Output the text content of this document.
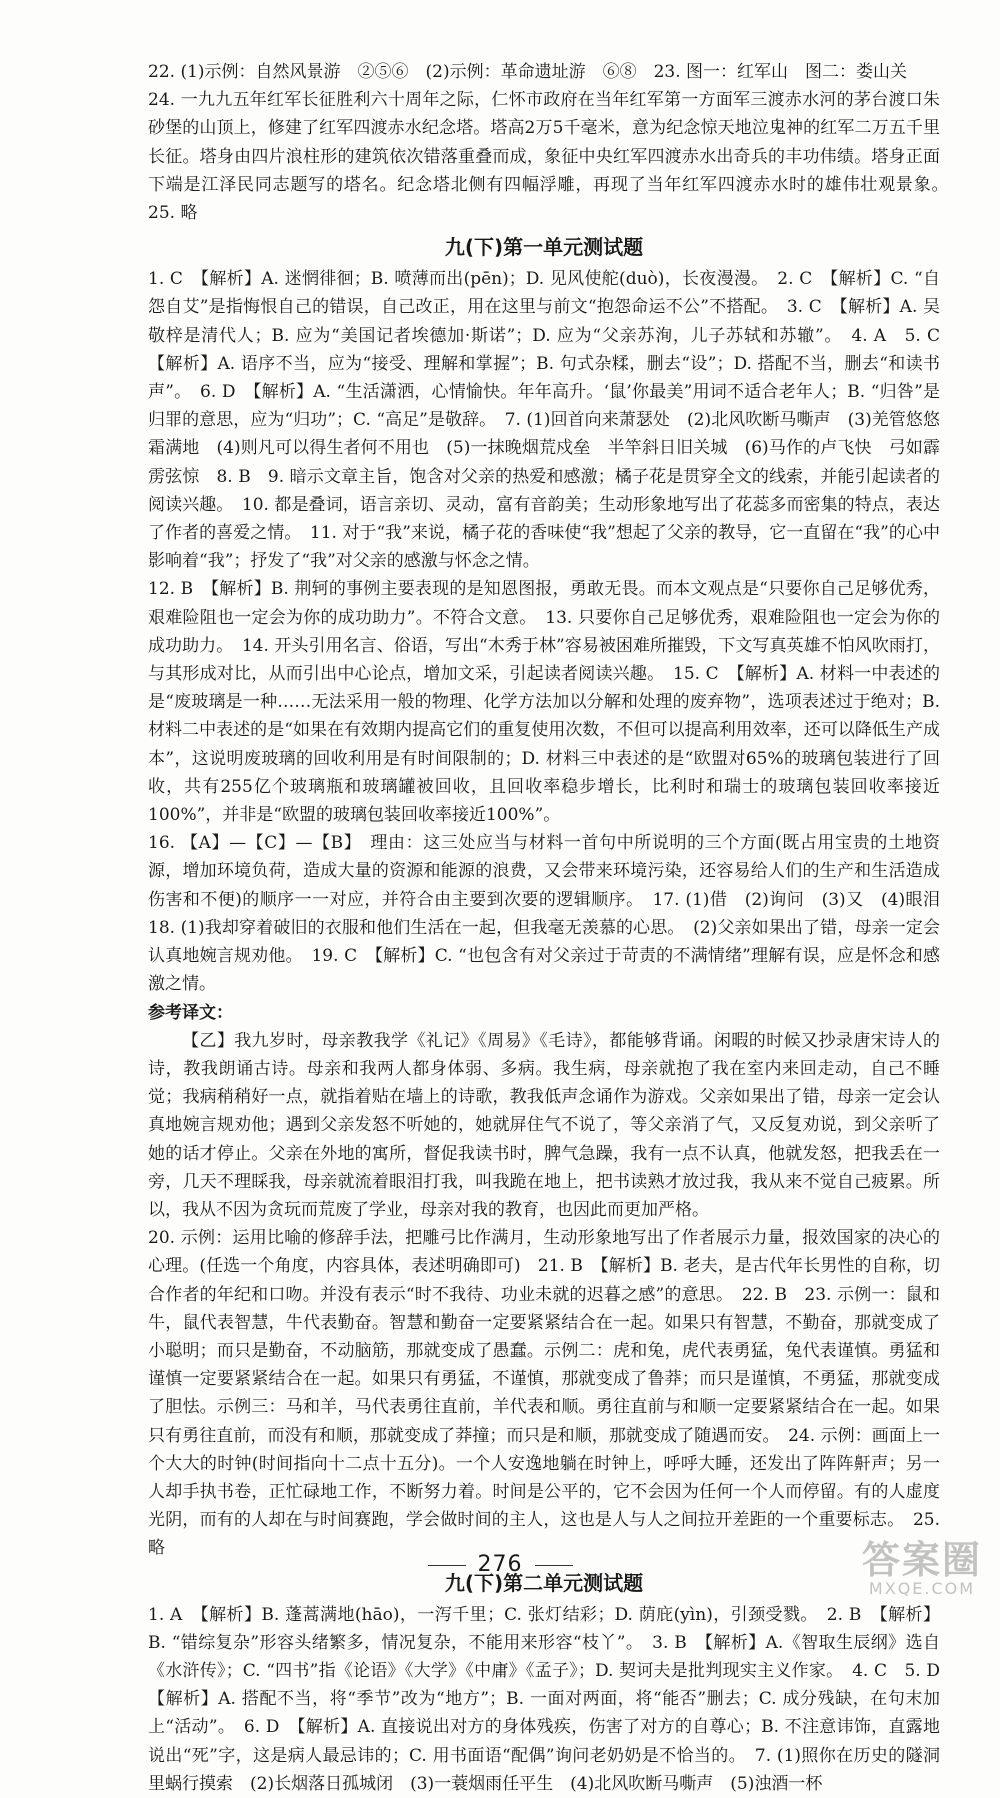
22. (1)示例：自然风景游　②⑤⑥　(2)示例：革命遗址游　⑥⑧　23. 图一：红军山　图二：娄山关

24. 一九九五年红军长征胜利六十周年之际，仁怀市政府在当年红军第一方面军三渡赤水河的茅台渡口朱砂堡的山顶上，修建了红军四渡赤水纪念塔。塔高2万5千毫米，意为纪念惊天地泣鬼神的红军二万五千里长征。塔身由四片浪柱形的建筑依次错落重叠而成，象征中央红军四渡赤水出奇兵的丰功伟绩。塔身正面下端是江泽民同志题写的塔名。纪念塔北侧有四幅浮雕，再现了当年红军四渡赤水时的雄伟壮观景象。　25. 略

九(下)第一单元测试题

1. C　【解析】A. 迷惘徘徊；B. 喷薄而出(pēn)；D. 见风使舵(duò)，长夜漫漫。　2. C　【解析】C. “自怨自艾”是指悔恨自己的错误，自己改正，用在这里与前文“抱怨命运不公”不搭配。　3. C　【解析】A. 吴敬梓是清代人；B. 应为“美国记者埃德加·斯诺”；D. 应为“父亲苏洵，儿子苏轼和苏辙”。　4. A　5. C　【解析】A. 语序不当，应为“接受、理解和掌握”；B. 句式杂糅，删去“设”；D. 搭配不当，删去“和读书声”。　6. D　【解析】A. “生活潇洒，心情愉快。年年高升。‘鼠’你最美”用词不适合老年人；B. “归咎”是归罪的意思，应为“归功”；C. “高足”是敬辞。　7. (1)回首向来萧瑟处　(2)北风吹断马嘶声　(3)羌管悠悠霜满地　(4)则凡可以得生者何不用也　(5)一抹晚烟荒戍垒　半竿斜日旧关城　(6)马作的卢飞快　弓如霹雳弦惊　8. B　9. 暗示文章主旨，饱含对父亲的热爱和感激；橘子花是贯穿全文的线索，并能引起读者的阅读兴趣。　10. 都是叠词，语言亲切、灵动，富有音韵美；生动形象地写出了花蕊多而密集的特点，表达了作者的喜爱之情。　11. 对于“我”来说，橘子花的香味使“我”想起了父亲的教导，它一直留在“我”的心中影响着“我”；抒发了“我”对父亲的感激与怀念之情。

12. B　【解析】B. 荆轲的事例主要表现的是知恩图报，勇敢无畏。而本文观点是“只要你自己足够优秀，艰难险阻也一定会为你的成功助力”。不符合文意。　13. 只要你自己足够优秀，艰难险阻也一定会为你的成功助力。　14. 开头引用名言、俗语，写出“木秀于林”容易被困难所摧毁，下文写真英雄不怕风吹雨打，与其形成对比，从而引出中心论点，增加文采，引起读者阅读兴趣。　15. C　【解析】A. 材料一中表述的是“废玻璃是一种……无法采用一般的物理、化学方法加以分解和处理的废弃物”，选项表述过于绝对；B. 材料二中表述的是“如果在有效期内提高它们的重复使用次数，不但可以提高利用效率，还可以降低生产成本”，这说明废玻璃的回收利用是有时间限制的；D. 材料三中表述的是“欧盟对65%的玻璃包装进行了回收，共有255亿个玻璃瓶和玻璃罐被回收，且回收率稳步增长，比利时和瑞士的玻璃包装回收率接近100%”，并非是“欧盟的玻璃包装回收率接近100%”。

16. 【A】—【C】—【B】　理由：这三处应当与材料一首句中所说明的三个方面(既占用宝贵的土地资源，增加环境负荷，造成大量的资源和能源的浪费，又会带来环境污染，还容易给人们的生产和生活造成伤害和不便)的顺序一一对应，并符合由主要到次要的逻辑顺序。　17. (1)借　(2)询问　(3)又　(4)眼泪　18. (1)我却穿着破旧的衣服和他们生活在一起，但我毫无羡慕的心思。　(2)父亲如果出了错，母亲一定会认真地婉言规劝他。　19. C　【解析】C. “也包含有对父亲过于苛责的不满情绪”理解有误，应是怀念和感激之情。

参考译文：

【乙】我九岁时，母亲教我学《礼记》《周易》《毛诗》，都能够背诵。闲暇的时候又抄录唐宋诗人的诗，教我朗诵古诗。母亲和我两人都身体弱、多病。我生病，母亲就抱了我在室内来回走动，自己不睡觉；我病稍稍好一点，就指着贴在墙上的诗歌，教我低声念诵作为游戏。父亲如果出了错，母亲一定会认真地婉言规劝他；遇到父亲发怒不听她的，她就屏住气不说了，等父亲消了气，又反复劝说，到父亲听了她的话才停止。父亲在外地的寓所，督促我读书时，脾气急躁，我有一点不认真，他就发怒，把我丢在一旁，几天不理睬我，母亲就流着眼泪打我，叫我跪在地上，把书读熟才放过我，我从来不觉自己疲累。所以，我从不因为贪玩而荒废了学业，母亲对我的教育，也因此而更加严格。

20. 示例：运用比喻的修辞手法，把雕弓比作满月，生动形象地写出了作者展示力量，报效国家的决心的心理。(任选一个角度，内容具体，表述明确即可)　21. B　【解析】B. 老夫，是古代年长男性的自称，切合作者的年纪和口吻。并没有表示“时不我待、功业未就的迟暮之感”的意思。　22. B　23. 示例一：鼠和牛，鼠代表智慧，牛代表勤奋。智慧和勤奋一定要紧紧结合在一起。如果只有智慧，不勤奋，那就变成了小聪明；而只是勤奋，不动脑筋，那就变成了愚蠢。示例二：虎和兔，虎代表勇猛，兔代表谨慎。勇猛和谨慎一定要紧紧结合在一起。如果只有勇猛，不谨慎，那就变成了鲁莽；而只是谨慎，不勇猛，那就变成了胆怯。示例三：马和羊，马代表勇往直前，羊代表和顺。勇往直前与和顺一定要紧紧结合在一起。如果只有勇往直前，而没有和顺，那就变成了莽撞；而只是和顺，那就变成了随遇而安。　24. 示例：画面上一个大大的时钟(时间指向十二点十五分)。一个人安逸地躺在时钟上，呼呼大睡，还发出了阵阵鼾声；另一人却手执书卷，正忙碌地工作，不断努力着。时间是公平的，它不会因为任何一个人而停留。有的人虚度光阴，而有的人却在与时间赛跑，学会做时间的主人，这也是人与人之间拉开差距的一个重要标志。　25. 略

九(下)第二单元测试题

1. A　【解析】B. 蓬蒿满地(hāo)，一泻千里；C. 张灯结彩；D. 荫庇(yìn)，引颈受戮。　2. B　【解析】B. “错综复杂”形容头绪繁多，情况复杂，不能用来形容“枝丫”。　3. B　【解析】A.《智取生辰纲》选自《水浒传》；C. “四书”指《论语》《大学》《中庸》《孟子》；D. 契诃夫是批判现实主义作家。　4. C　5. D　【解析】A. 搭配不当，将“季节”改为“地方”；B. 一面对两面，将“能否”删去；C. 成分残缺，在句末加上“活动”。　6. D　【解析】A. 直接说出对方的身体残疾，伤害了对方的自尊心；B. 不注意讳饰，直露地说出“死”字，这是病人最忌讳的；C. 用书面语“配偶”询问老奶奶是不恰当的。　7. (1)照你在历史的隧洞里蜗行摸索　(2)长烟落日孤城闭　(3)一蓑烟雨任平生　(4)北风吹断马嘶声　(5)浊酒一杯

276	答案圈
MXQE.COM
